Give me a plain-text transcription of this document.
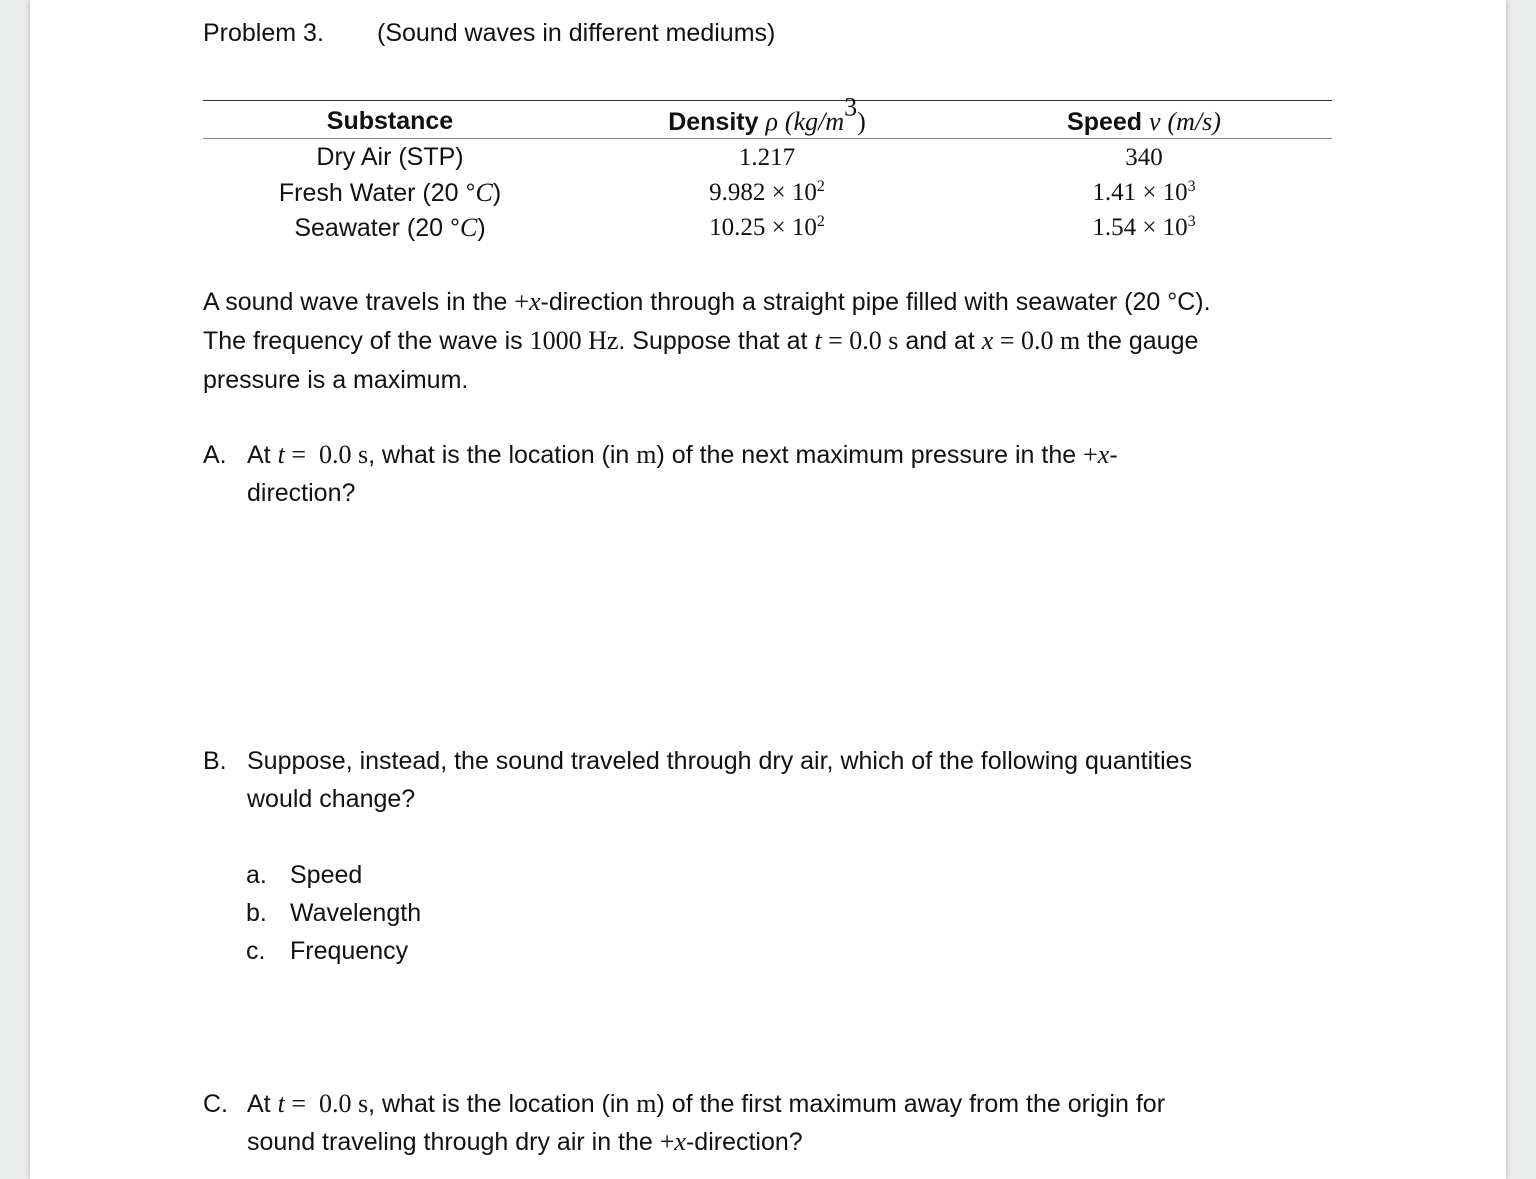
Problem 3. (Sound waves in different mediums)
Substance	Density ρ $(kg/m^3)$	Speed v (m/s)
Dry Air (STP)	1.217	340
Fresh Water (20 °C)	$9.982 \times 10^2$	$1.41 \times 10^3$
Seawater (20 °C)	$10.25 \times 10^2$	$1.54 \times 10^3$
A sound wave travels in the +x-direction through a straight pipe filled with seawater (20 °C).
The frequency of the wave is 1000 Hz. Suppose that at t = 0.0 s and at x = 0.0 m the gauge
pressure is a maximum.
A. At t =  0.0 s, what is the location (in m) of the next maximum pressure in the +x-
direction?
B. Suppose, instead, the sound traveled through dry air, which of the following quantities
would change?
a. Speed
b. Wavelength
c. Frequency
C. At t =  0.0 s, what is the location (in m) of the first maximum away from the origin for
sound traveling through dry air in the +x-direction?
